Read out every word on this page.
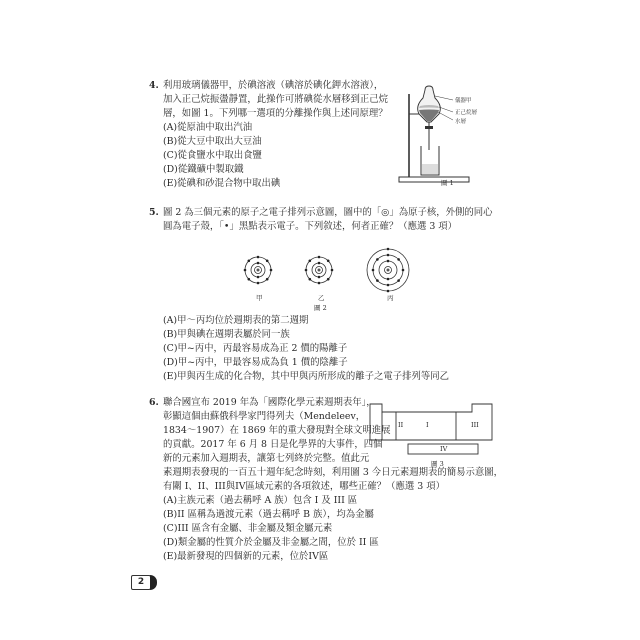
4. 利用玻璃儀器甲，於碘溶液（碘溶於碘化鉀水溶液），
加入正己烷振盪靜置，此操作可將碘從水層移到正己烷
層，如圖 1。下列哪一選項的分離操作與上述同原理？
(A)從原油中取出汽油
(B)從大豆中取出大豆油
(C)從食鹽水中取出食鹽
(D)從鐵礦中製取鐵
(E)從碘和砂混合物中取出碘
儀器甲
正己烷層
水層
圖 1
5. 圖 2 為三個元素的原子之電子排列示意圖，圖中的「◎」為原子核，外側的同心
圓為電子殼，「•」黑點表示電子。下列敘述，何者正確？（應選 3 項）
甲	乙	丙
圖 2
(A)甲～丙均位於週期表的第二週期
(B)甲與碘在週期表屬於同一族
(C)甲~丙中，丙最容易成為正 2 價的陽離子
(D)甲~丙中，甲最容易成為負 1 價的陰離子
(E)甲與丙生成的化合物，其中甲與丙所形成的離子之電子排列等同乙
6. 聯合國宣布 2019 年為「國際化學元素週期表年」，
彰顯這個由蘇俄科學家門得列夫（Mendeleev，
1834～1907）在 1869 年的重大發現對全球文明進展
的貢獻。2017 年 6 月 8 日是化學界的大事件，四個
新的元素加入週期表，讓第七列終於完整。值此元
素週期表發現的一百五十週年紀念時刻，利用圖 3 今日元素週期表的簡易示意圖，
有關 I、II、III與IV區域元素的各項敘述，哪些正確？（應選 3 項）
II	I	III
IV
圖 3
(A)主族元素（過去稱呼 A 族）包含 I 及 III 區
(B)II 區稱為過渡元素（過去稱呼 B 族），均為金屬
(C)III 區含有金屬、非金屬及類金屬元素
(D)類金屬的性質介於金屬及非金屬之間，位於 II 區
(E)最新發現的四個新的元素，位於IV區
2
